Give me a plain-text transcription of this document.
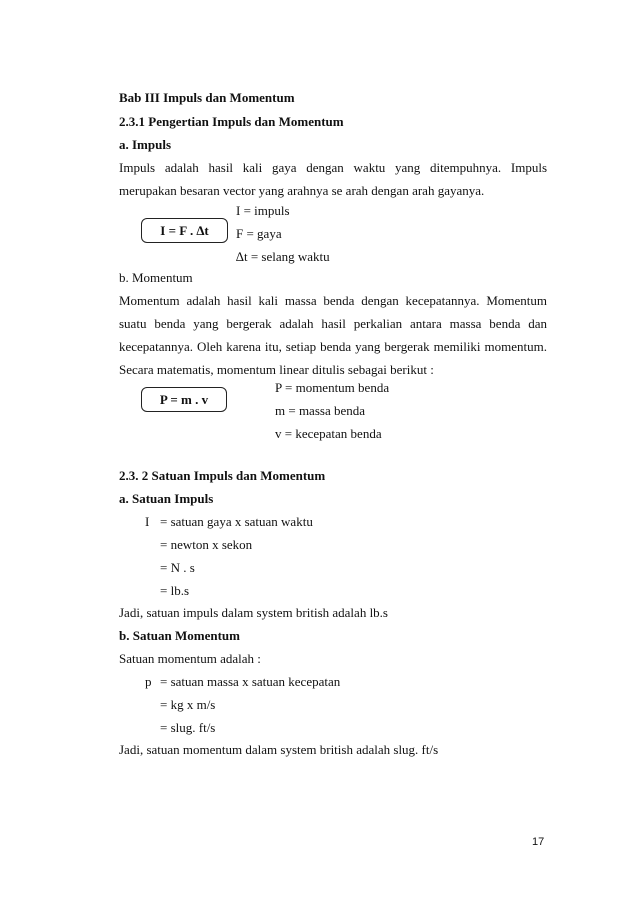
Bab III Impuls dan Momentum
2.3.1 Pengertian Impuls dan Momentum
a. Impuls
Impuls adalah hasil kali gaya dengan waktu yang ditempuhnya. Impuls
merupakan besaran vector yang arahnya se arah dengan arah gayanya.
I = F . ∆t
I = impuls
F = gaya
∆t = selang waktu
b. Momentum
Momentum adalah hasil kali massa benda dengan kecepatannya. Momentum
suatu benda yang bergerak adalah hasil perkalian antara massa benda dan
kecepatannya. Oleh karena itu, setiap benda yang bergerak memiliki momentum.
Secara matematis, momentum linear ditulis sebagai berikut :
P = m . v
P = momentum benda
m = massa benda
v = kecepatan benda
2.3. 2 Satuan Impuls dan Momentum
a. Satuan Impuls
I = satuan gaya x satuan waktu
= newton x sekon
= N . s
= lb.s
Jadi, satuan impuls dalam system british adalah lb.s
b. Satuan Momentum
Satuan momentum adalah :
p = satuan massa x satuan kecepatan
= kg x m/s
= slug. ft/s
Jadi, satuan momentum dalam system british adalah slug. ft/s
17
